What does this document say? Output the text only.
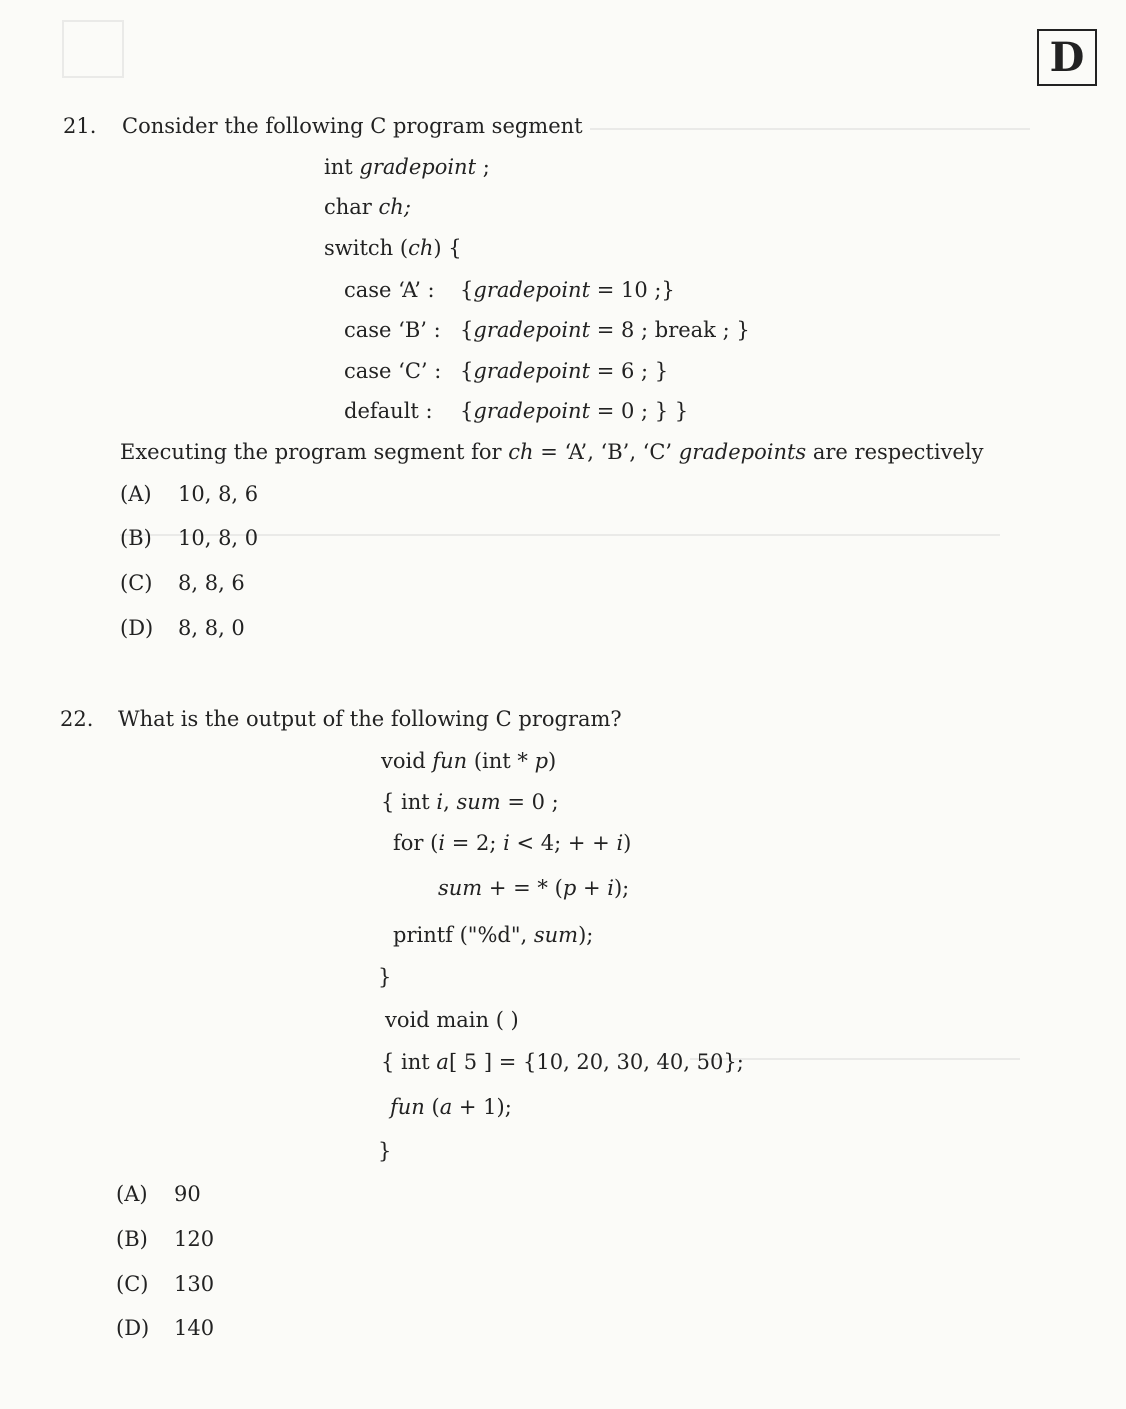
D
21. Consider the following C program segment
int gradepoint ;
char ch;
switch (ch) {
case ‘A’ : {gradepoint = 10 ;}
case ‘B’ : {gradepoint = 8 ; break ; }
case ‘C’ : {gradepoint = 6 ; }
default : {gradepoint = 0 ; } }
Executing the program segment for ch = ‘A’, ‘B’, ‘C’ gradepoints are respectively
(A) 10, 8, 6
(B) 10, 8, 0
(C) 8, 8, 6
(D) 8, 8, 0
22. What is the output of the following C program?
void fun (int * p)
{ int i, sum = 0 ;
for (i = 2; i < 4; + + i)
sum + = * (p + i);
printf ("%d", sum);
}
void main ( )
{ int a[ 5 ] = {10, 20, 30, 40, 50};
fun (a + 1);
}
(A) 90
(B) 120
(C) 130
(D) 140
